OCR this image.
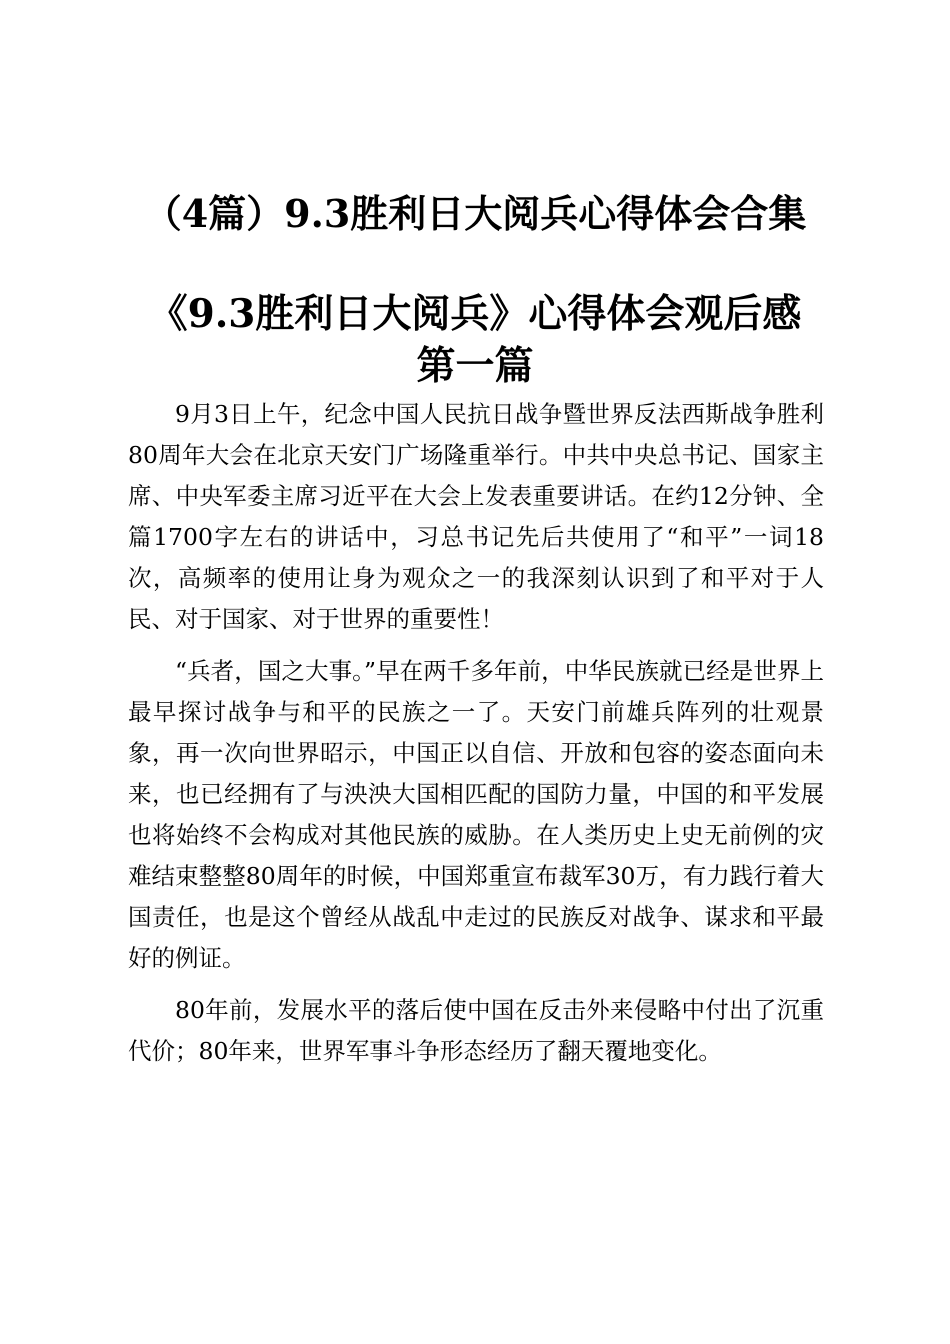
（4篇）9.3胜利日大阅兵心得体会合集
《9.3胜利日大阅兵》心得体会观后感
第一篇

9月3日上午，纪念中国人民抗日战争暨世界反法西斯战争胜利80周年大会在北京天安门广场隆重举行。中共中央总书记、国家主席、中央军委主席习近平在大会上发表重要讲话。在约12分钟、全篇1700字左右的讲话中，习总书记先后共使用了“和平”一词18次，高频率的使用让身为观众之一的我深刻认识到了和平对于人民、对于国家、对于世界的重要性！

“兵者，国之大事。”早在两千多年前，中华民族就已经是世界上最早探讨战争与和平的民族之一了。天安门前雄兵阵列的壮观景象，再一次向世界昭示，中国正以自信、开放和包容的姿态面向未来，也已经拥有了与泱泱大国相匹配的国防力量，中国的和平发展也将始终不会构成对其他民族的威胁。在人类历史上史无前例的灾难结束整整80周年的时候，中国郑重宣布裁军30万，有力践行着大国责任，也是这个曾经从战乱中走过的民族反对战争、谋求和平最好的例证。

80年前，发展水平的落后使中国在反击外来侵略中付出了沉重代价；80年来，世界军事斗争形态经历了翻天覆地变化。
